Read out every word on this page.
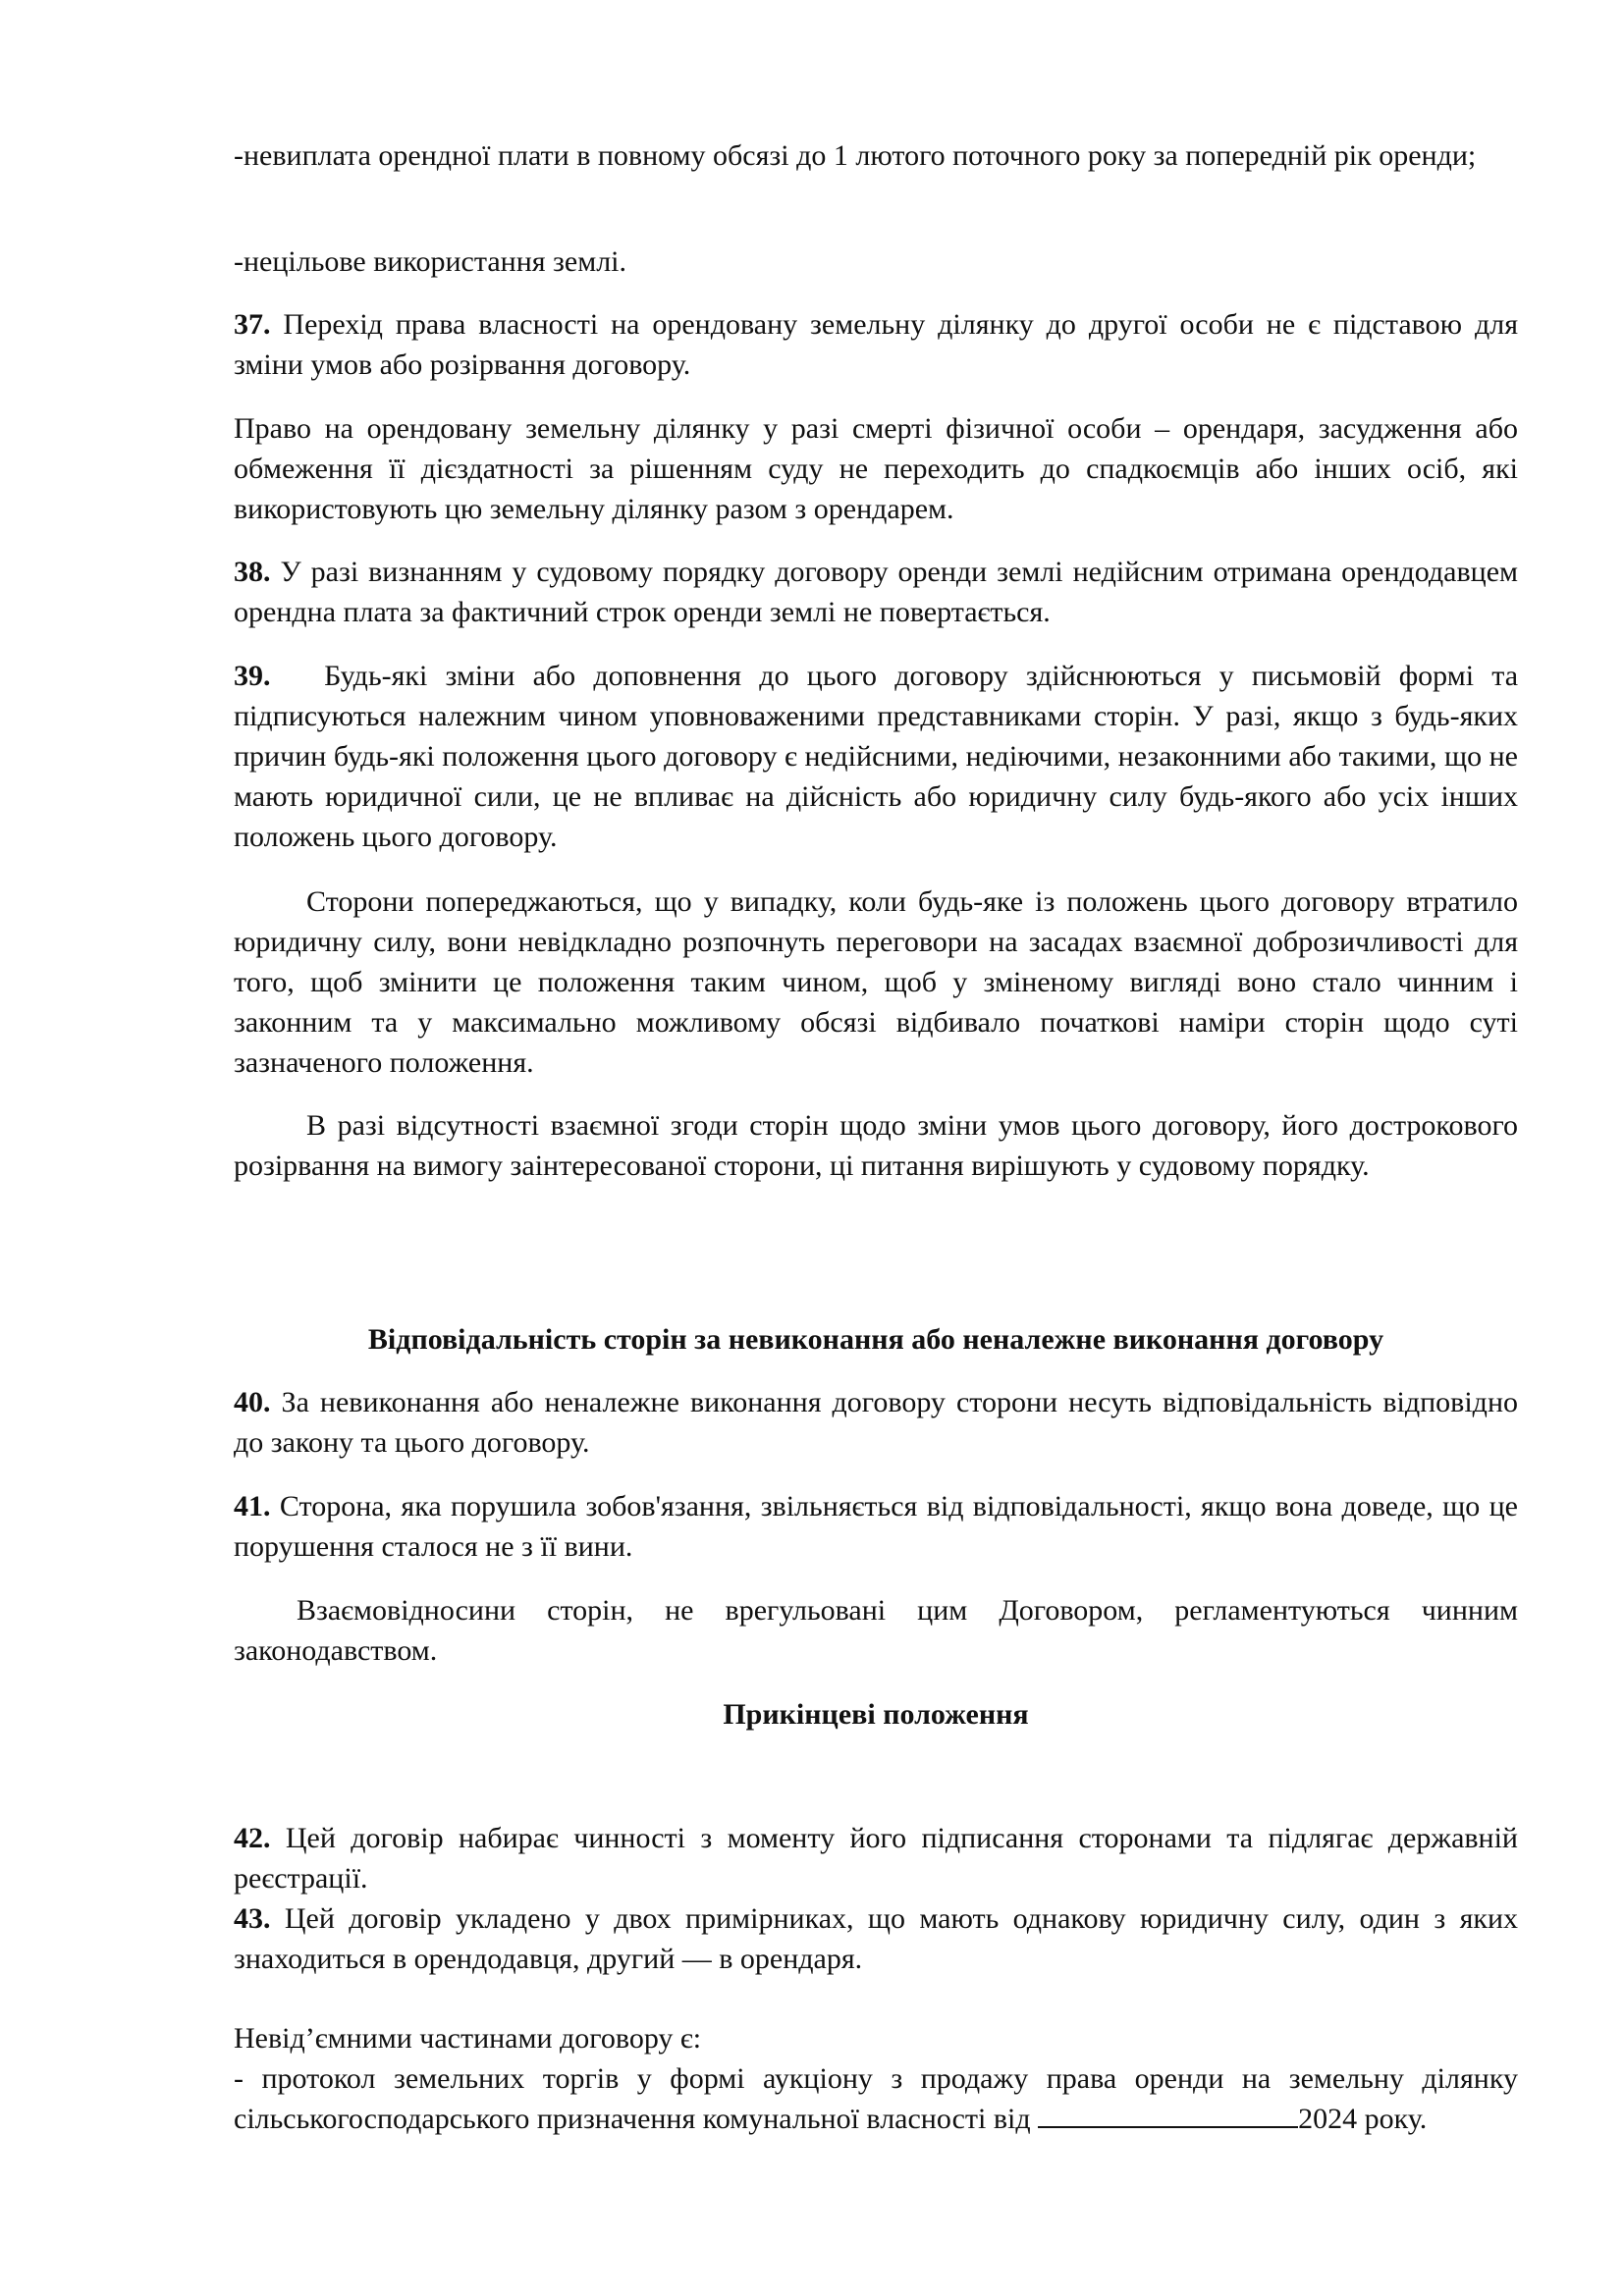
-невиплата орендної плати в повному обсязі до 1 лютого поточного року за попередній рік оренди;

-нецільове використання землі.

37. Перехід права власності на орендовану земельну ділянку до другої особи не є підставою для зміни умов або розірвання договору.

Право на орендовану земельну ділянку у разі смерті фізичної особи – орендаря, засудження або обмеження її дієздатності за рішенням суду не переходить до спадкоємців або інших осіб, які використовують цю земельну ділянку разом з орендарем.

38. У разі визнанням у судовому порядку договору оренди землі недійсним отримана орендодавцем орендна плата за фактичний строк оренди землі не повертається.

39. Будь-які зміни або доповнення до цього договору здійснюються у письмовій формі та підписуються належним чином уповноваженими представниками сторін. У разі, якщо з будь-яких причин будь-які положення цього договору є недійсними, недіючими, незаконними або такими, що не мають юридичної сили, це не впливає на дійсність або юридичну силу будь-якого або усіх інших положень цього договору.

Сторони попереджаються, що у випадку, коли будь-яке із положень цього договору втратило юридичну силу, вони невідкладно розпочнуть переговори на засадах взаємної доброзичливості для того, щоб змінити це положення таким чином, щоб у зміненому вигляді воно стало чинним і законним та у максимально можливому обсязі відбивало початкові наміри сторін щодо суті зазначеного положення.

В разі відсутності взаємної згоди сторін щодо зміни умов цього договору, його дострокового розірвання на вимогу заінтересованої сторони, ці питання вирішують у судовому порядку.

Відповідальність сторін за невиконання або неналежне виконання договору

40. За невиконання або неналежне виконання договору сторони несуть відповідальність відповідно до закону та цього договору.

41. Сторона, яка порушила зобов'язання, звільняється від відповідальності, якщо вона доведе, що це порушення сталося не з її вини.

Взаємовідносини сторін, не врегульовані цим Договором, регламентуються чинним законодавством.

Прикінцеві положення

42. Цей договір набирає чинності з моменту його підписання сторонами та підлягає державній реєстрації.

43. Цей договір укладено у двох примірниках, що мають однакову юридичну силу, один з яких знаходиться в орендодавця, другий — в орендаря.

Невід’ємними частинами договору є:

- протокол земельних торгів у формі аукціону з продажу права оренди на земельну ділянку сільськогосподарського призначення комунальної власності від	2024 року.
